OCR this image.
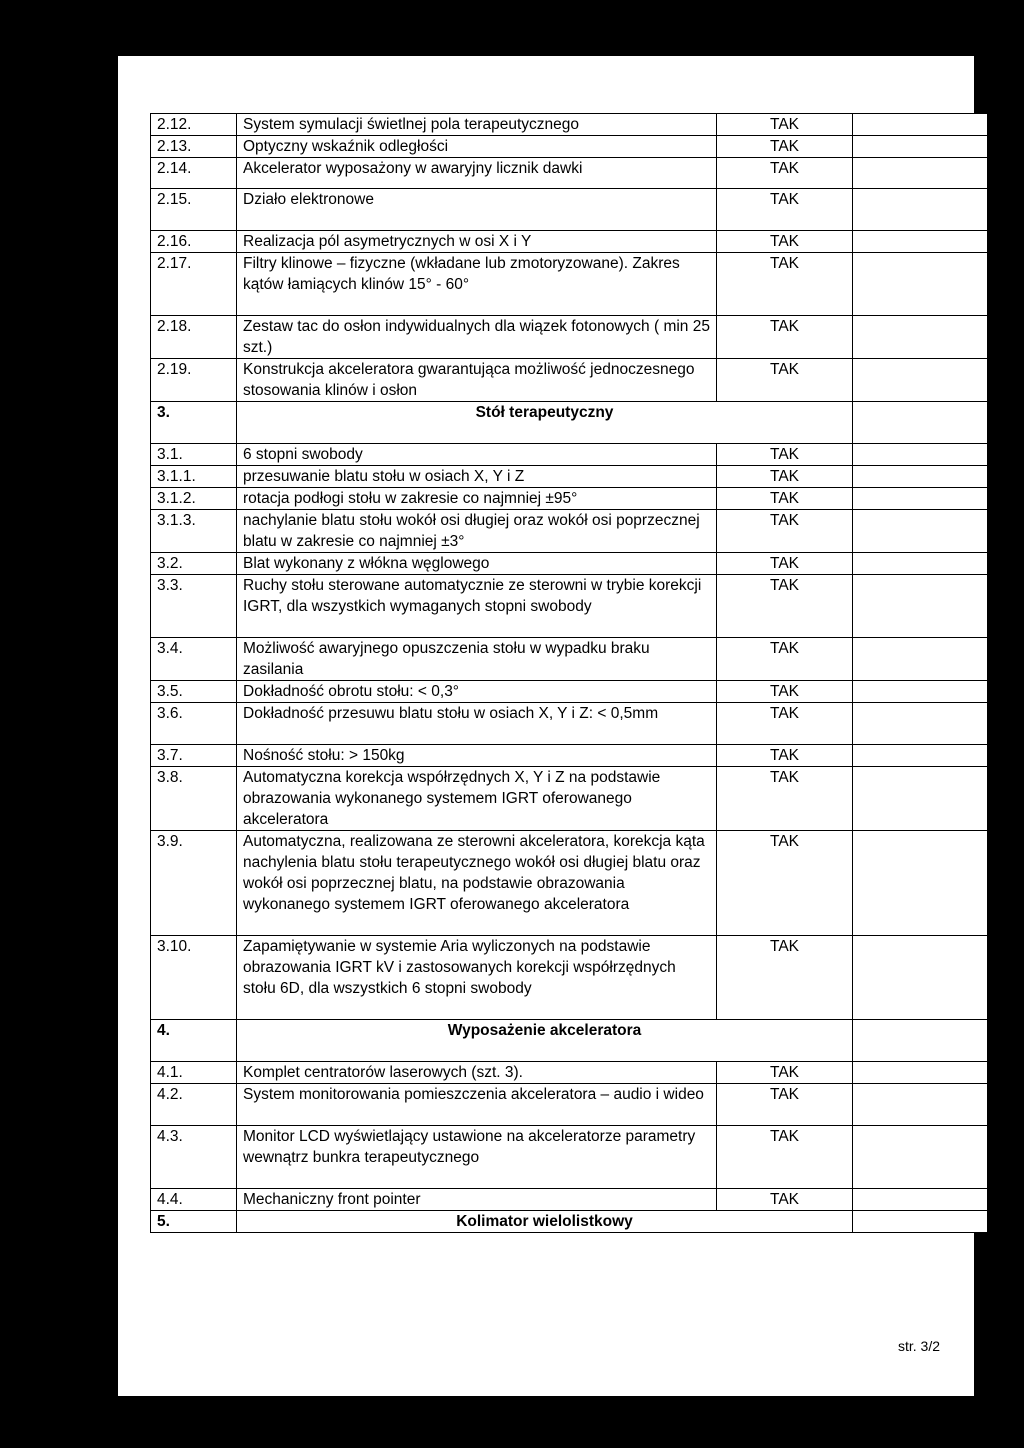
2.12.	System symulacji świetlnej pola terapeutycznego	TAK	
2.13.	Optyczny wskaźnik odległości	TAK	
2.14.	Akcelerator wyposażony w awaryjny licznik dawki	TAK	
2.15.	Działo elektronowe	TAK	
2.16.	Realizacja pól asymetrycznych w osi X i Y	TAK	
2.17.	Filtry klinowe – fizyczne (wkładane lub zmotoryzowane). Zakres kątów łamiących klinów 15° - 60°	TAK	
2.18.	Zestaw tac do osłon indywidualnych dla wiązek fotonowych ( min 25 szt.)	TAK	
2.19.	Konstrukcja akceleratora gwarantująca możliwość jednoczesnego stosowania klinów i osłon	TAK	
3.	Stół terapeutyczny		
3.1.	6 stopni swobody	TAK	
3.1.1.	przesuwanie blatu stołu w osiach X, Y i Z	TAK	
3.1.2.	rotacja podłogi stołu w zakresie co najmniej ±95°	TAK	
3.1.3.	nachylanie blatu stołu wokół osi długiej oraz wokół osi poprzecznej blatu w zakresie co najmniej ±3°	TAK	
3.2.	Blat wykonany z włókna węglowego	TAK	
3.3.	Ruchy stołu sterowane automatycznie ze sterowni w trybie korekcji IGRT, dla wszystkich wymaganych stopni swobody	TAK	
3.4.	Możliwość awaryjnego opuszczenia stołu w wypadku braku zasilania	TAK	
3.5.	Dokładność obrotu stołu: < 0,3°	TAK	
3.6.	Dokładność przesuwu blatu stołu w osiach X, Y i Z: < 0,5mm	TAK	
3.7.	Nośność stołu: > 150kg	TAK	
3.8.	Automatyczna korekcja współrzędnych X, Y i Z na podstawie obrazowania wykonanego systemem IGRT oferowanego akceleratora	TAK	
3.9.	Automatyczna, realizowana ze sterowni akceleratora, korekcja kąta nachylenia blatu stołu terapeutycznego wokół osi długiej blatu oraz wokół osi poprzecznej blatu, na podstawie obrazowania wykonanego systemem IGRT oferowanego akceleratora	TAK	
3.10.	Zapamiętywanie w systemie Aria wyliczonych na podstawie obrazowania IGRT kV i zastosowanych korekcji współrzędnych stołu 6D, dla wszystkich 6 stopni swobody	TAK	
4.	Wyposażenie akceleratora		
4.1.	Komplet centratorów laserowych (szt. 3).	TAK	
4.2.	System monitorowania pomieszczenia akceleratora – audio i wideo	TAK	
4.3.	Monitor LCD wyświetlający ustawione na akceleratorze parametry wewnątrz bunkra terapeutycznego	TAK	
4.4.	Mechaniczny front pointer	TAK	
5.	Kolimator wielolistkowy		
str. 3/2
